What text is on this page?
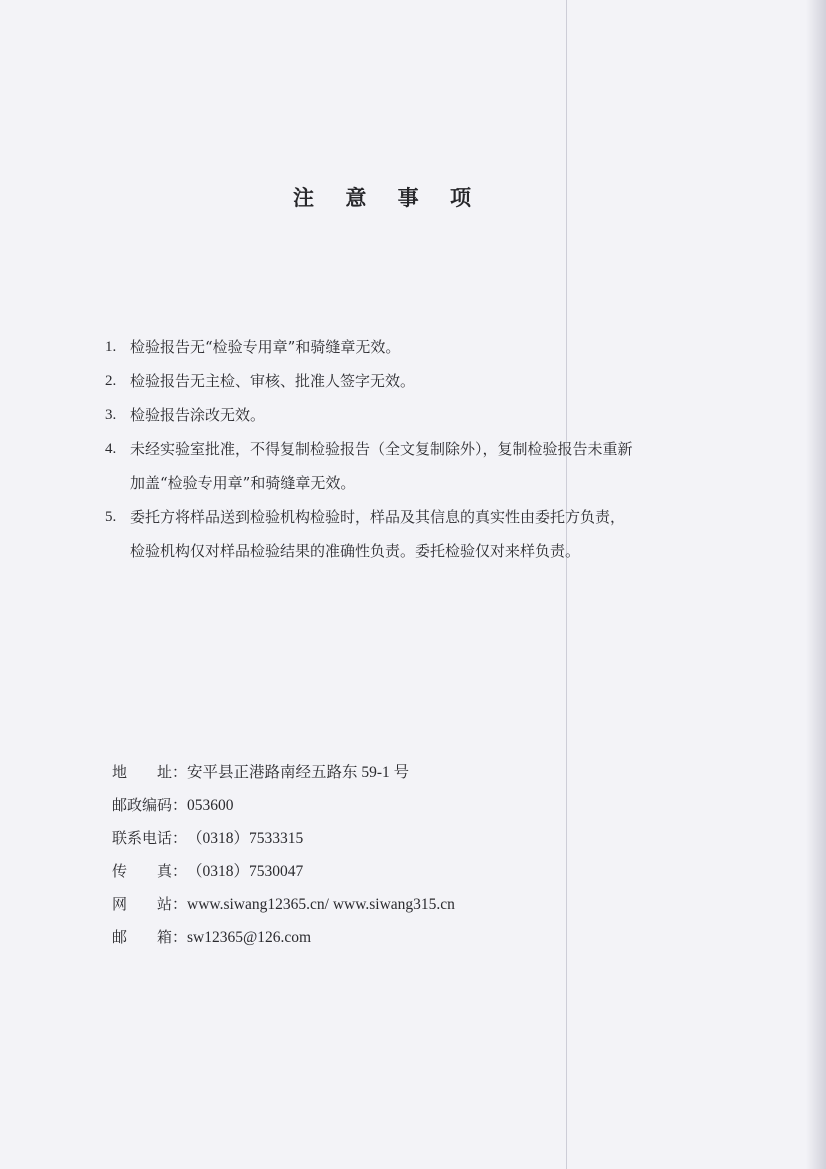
注 意 事 项
1. 检验报告无“检验专用章”和骑缝章无效。
2. 检验报告无主检、审核、批准人签字无效。
3. 检验报告涂改无效。
4. 未经实验室批准，不得复制检验报告（全文复制除外），复制检验报告未重新
加盖“检验专用章”和骑缝章无效。
5. 委托方将样品送到检验机构检验时，样品及其信息的真实性由委托方负责，
检验机构仅对样品检验结果的准确性负责。委托检验仅对来样负责。
地 址 ： 安平县正港路南经五路东 59-1 号
邮政编码 ： 053600
联系电话 ： （0318）7533315
传 真 ： （0318）7530047
网 站 ： www.siwang12365.cn/ www.siwang315.cn
邮 箱 ： sw12365@126.com
